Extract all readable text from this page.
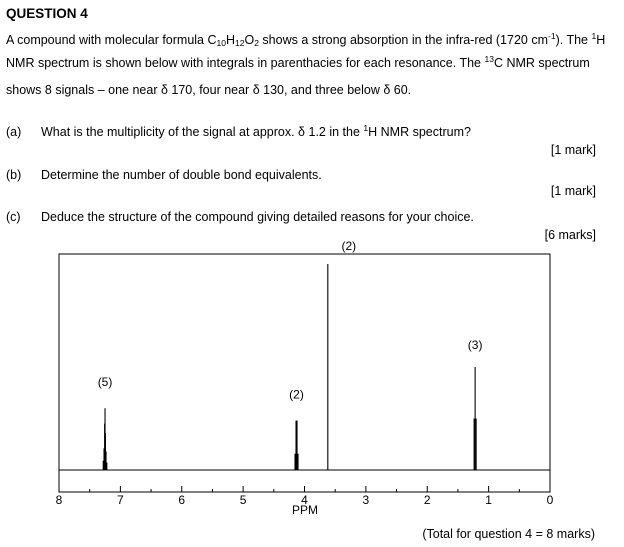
QUESTION 4
A compound with molecular formula $C_{10}H_{12}O_2$ shows a strong absorption in the infra-red (1720 $cm^{-1}$). The $^1$H
NMR spectrum is shown below with integrals in parenthacies for each resonance. The $^{13}$C NMR spectrum
shows 8 signals – one near δ 170, four near δ 130, and three below δ 60.
(a) What is the multiplicity of the signal at approx. δ 1.2 in the $^1$H NMR spectrum?
[1 mark]
(b) Determine the number of double bond equivalents.
[1 mark]
(c) Deduce the structure of the compound giving detailed reasons for your choice.
[6 marks]
8	7	6	5	4	3	2	1	0
(5)
(2)
(2)
(3)
PPM
(Total for question 4 = 8 marks)
